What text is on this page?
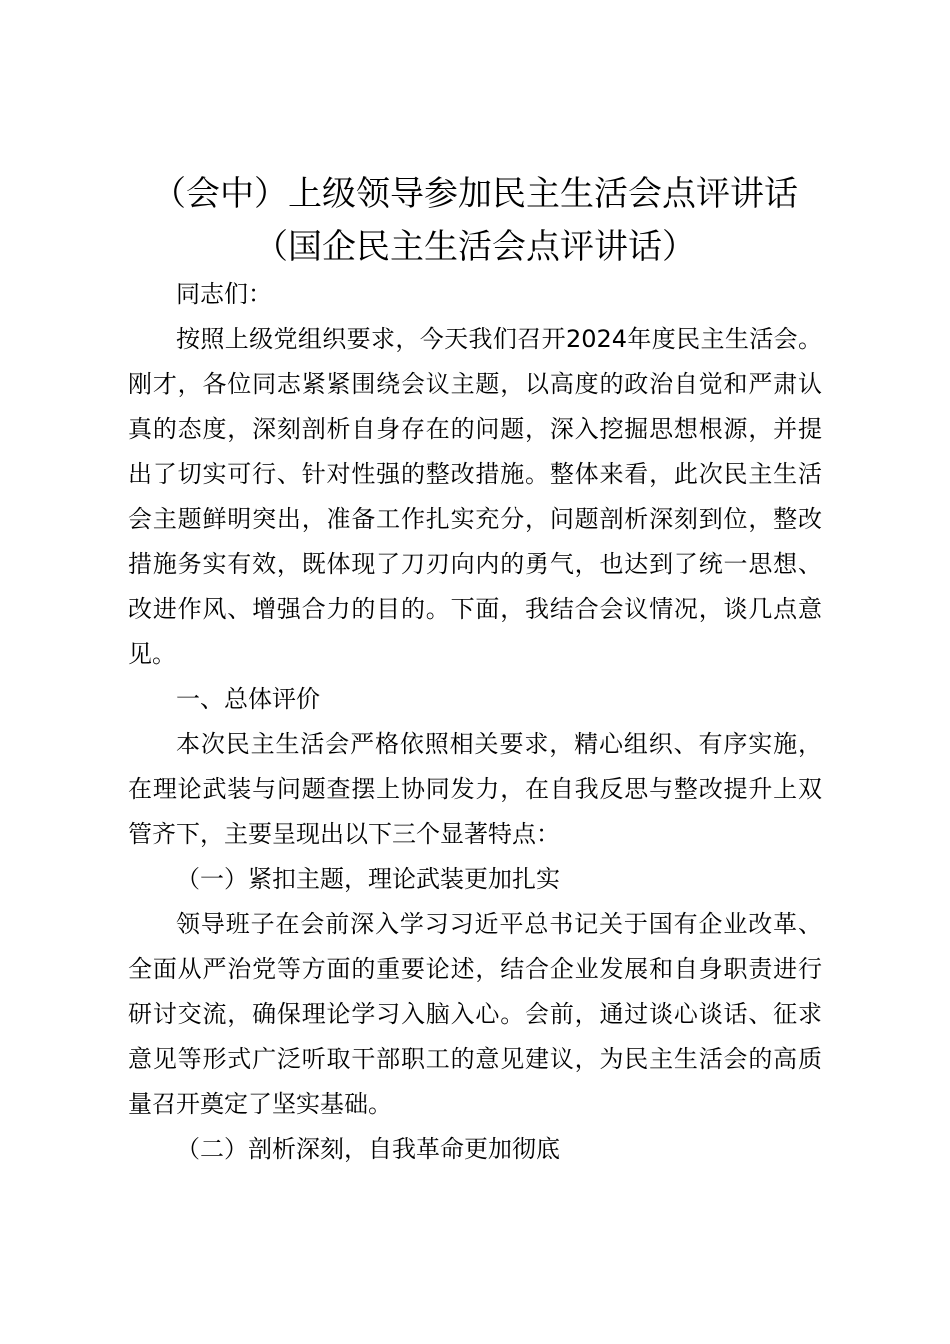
（会中）上级领导参加民主生活会点评讲话
（国企民主生活会点评讲话）

同志们：

按照上级党组织要求，今天我们召开2024年度民主生活会。刚才，各位同志紧紧围绕会议主题，以高度的政治自觉和严肃认真的态度，深刻剖析自身存在的问题，深入挖掘思想根源，并提出了切实可行、针对性强的整改措施。整体来看，此次民主生活会主题鲜明突出，准备工作扎实充分，问题剖析深刻到位，整改措施务实有效，既体现了刀刃向内的勇气，也达到了统一思想、改进作风、增强合力的目的。下面，我结合会议情况，谈几点意见。

一、总体评价

本次民主生活会严格依照相关要求，精心组织、有序实施，在理论武装与问题查摆上协同发力，在自我反思与整改提升上双管齐下，主要呈现出以下三个显著特点：

（一）紧扣主题，理论武装更加扎实

领导班子在会前深入学习习近平总书记关于国有企业改革、全面从严治党等方面的重要论述，结合企业发展和自身职责进行研讨交流，确保理论学习入脑入心。会前，通过谈心谈话、征求意见等形式广泛听取干部职工的意见建议，为民主生活会的高质量召开奠定了坚实基础。

（二）剖析深刻，自我革命更加彻底
